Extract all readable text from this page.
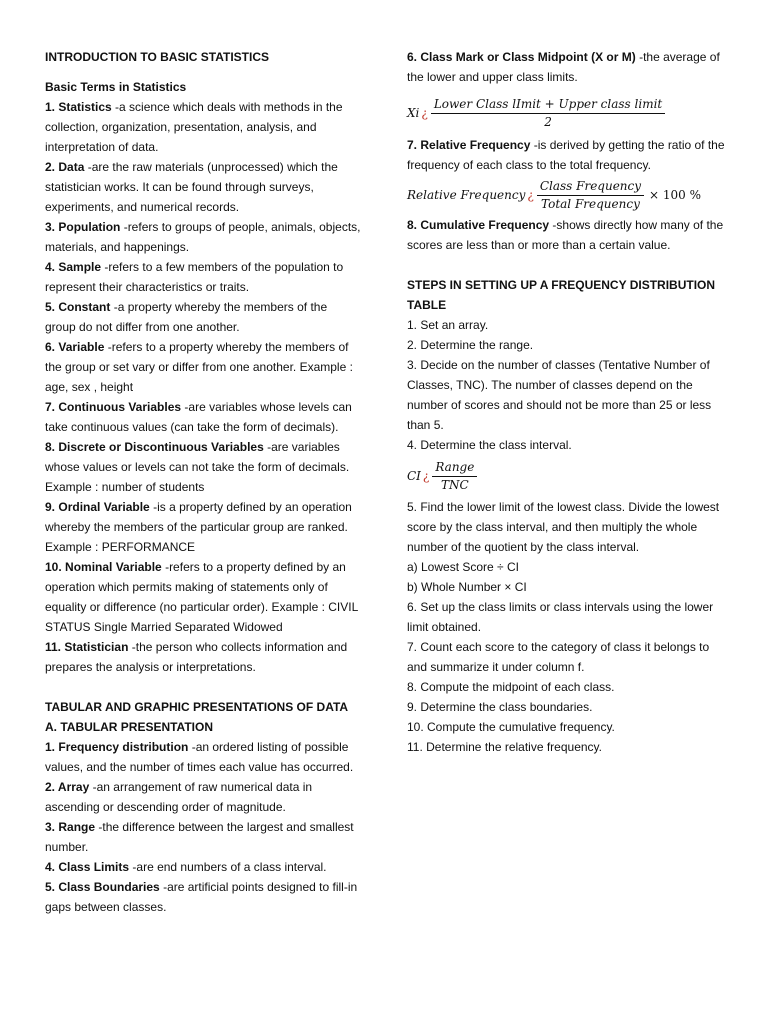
INTRODUCTION TO BASIC STATISTICS

Basic Terms in Statistics

1. Statistics -a science which deals with methods in the collection, organization, presentation, analysis, and interpretation of data.

2. Data -are the raw materials (unprocessed) which the statistician works. It can be found through surveys, experiments, and numerical records.

3. Population -refers to groups of people, animals, objects, materials, and happenings.

4. Sample -refers to a few members of the population to represent their characteristics or traits.

5. Constant -a property whereby the members of the group do not differ from one another.

6. Variable -refers to a property whereby the members of the group or set vary or differ from one another. Example : age, sex , height

7. Continuous Variables -are variables whose levels can take continuous values (can take the form of decimals).

8. Discrete or Discontinuous Variables -are variables whose values or levels can not take the form of decimals. Example : number of students

9. Ordinal Variable -is a property defined by an operation whereby the members of the particular group are ranked. Example : PERFORMANCE

10. Nominal Variable -refers to a property defined by an operation which permits making of statements only of equality or difference (no particular order). Example : CIVIL STATUS Single Married Separated Widowed

11. Statistician -the person who collects information and prepares the analysis or interpretations.

TABULAR AND GRAPHIC PRESENTATIONS OF DATA

A. TABULAR PRESENTATION

1. Frequency distribution -an ordered listing of possible values, and the number of times each value has occurred.

2. Array -an arrangement of raw numerical data in ascending or descending order of magnitude.

3. Range -the difference between the largest and smallest number.

4. Class Limits -are end numbers of a class interval.

5. Class Boundaries -are artificial points designed to fill-in gaps between classes.

6. Class Mark or Class Midpoint (X or M) -the average of the lower and upper class limits.

Xi ¿ $\frac{\text{Lower Class lImit + Upper class limit}}{2}$

7. Relative Frequency -is derived by getting the ratio of the frequency of each class to the total frequency.

Relative Frequency ¿ $\frac{\text{Class Frequency}}{\text{Total Frequency}} \times 100$ %

8. Cumulative Frequency -shows directly how many of the scores are less than or more than a certain value.

STEPS IN SETTING UP A FREQUENCY DISTRIBUTION TABLE

1. Set an array.

2. Determine the range.

3. Decide on the number of classes (Tentative Number of Classes, TNC). The number of classes depend on the number of scores and should not be more than 25 or less than 5.

4. Determine the class interval.

CI ¿ $\frac{\text{Range}}{\text{TNC}}$

5. Find the lower limit of the lowest class. Divide the lowest score by the class interval, and then multiply the whole number of the quotient by the class interval.

a) Lowest Score ÷ CI

b) Whole Number × CI

6. Set up the class limits or class intervals using the lower limit obtained.

7. Count each score to the category of class it belongs to and summarize it under column f.

8. Compute the midpoint of each class.

9. Determine the class boundaries.

10. Compute the cumulative frequency.

11. Determine the relative frequency.
